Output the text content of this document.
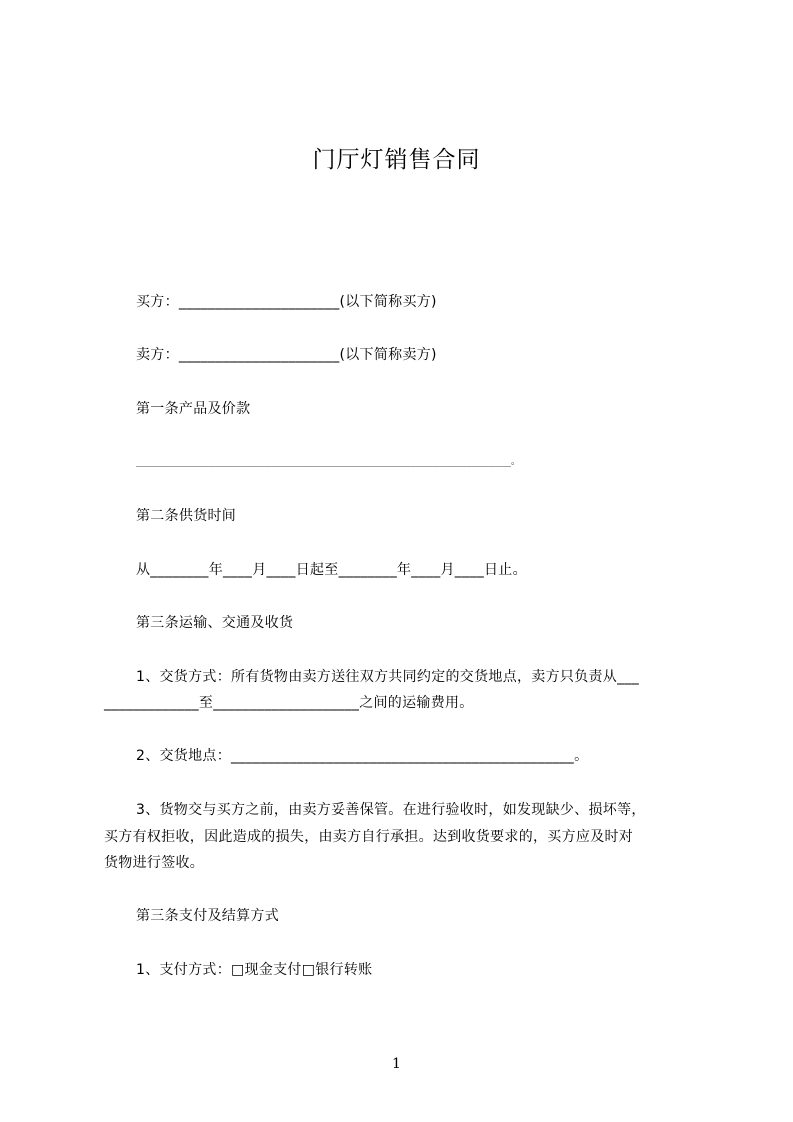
门厅灯销售合同
买方：______________________(以下简称买方)
卖方：______________________(以下简称卖方)
第一条产品及价款
___________________________________________________________________。
第二条供货时间
从________年____月____日起至________年____月____日止。
第三条运输、交通及收货
1、交货方式：所有货物由卖方送往双方共同约定的交货地点，卖方只负责从___
_____________至____________________之间的运输费用。
2、交货地点：_______________________________________________。
3、货物交与买方之前，由卖方妥善保管。在进行验收时，如发现缺少、损坏等，
买方有权拒收，因此造成的损失，由卖方自行承担。达到收货要求的，买方应及时对
货物进行签收。
第三条支付及结算方式
1、支付方式：□现金支付□银行转账
1
